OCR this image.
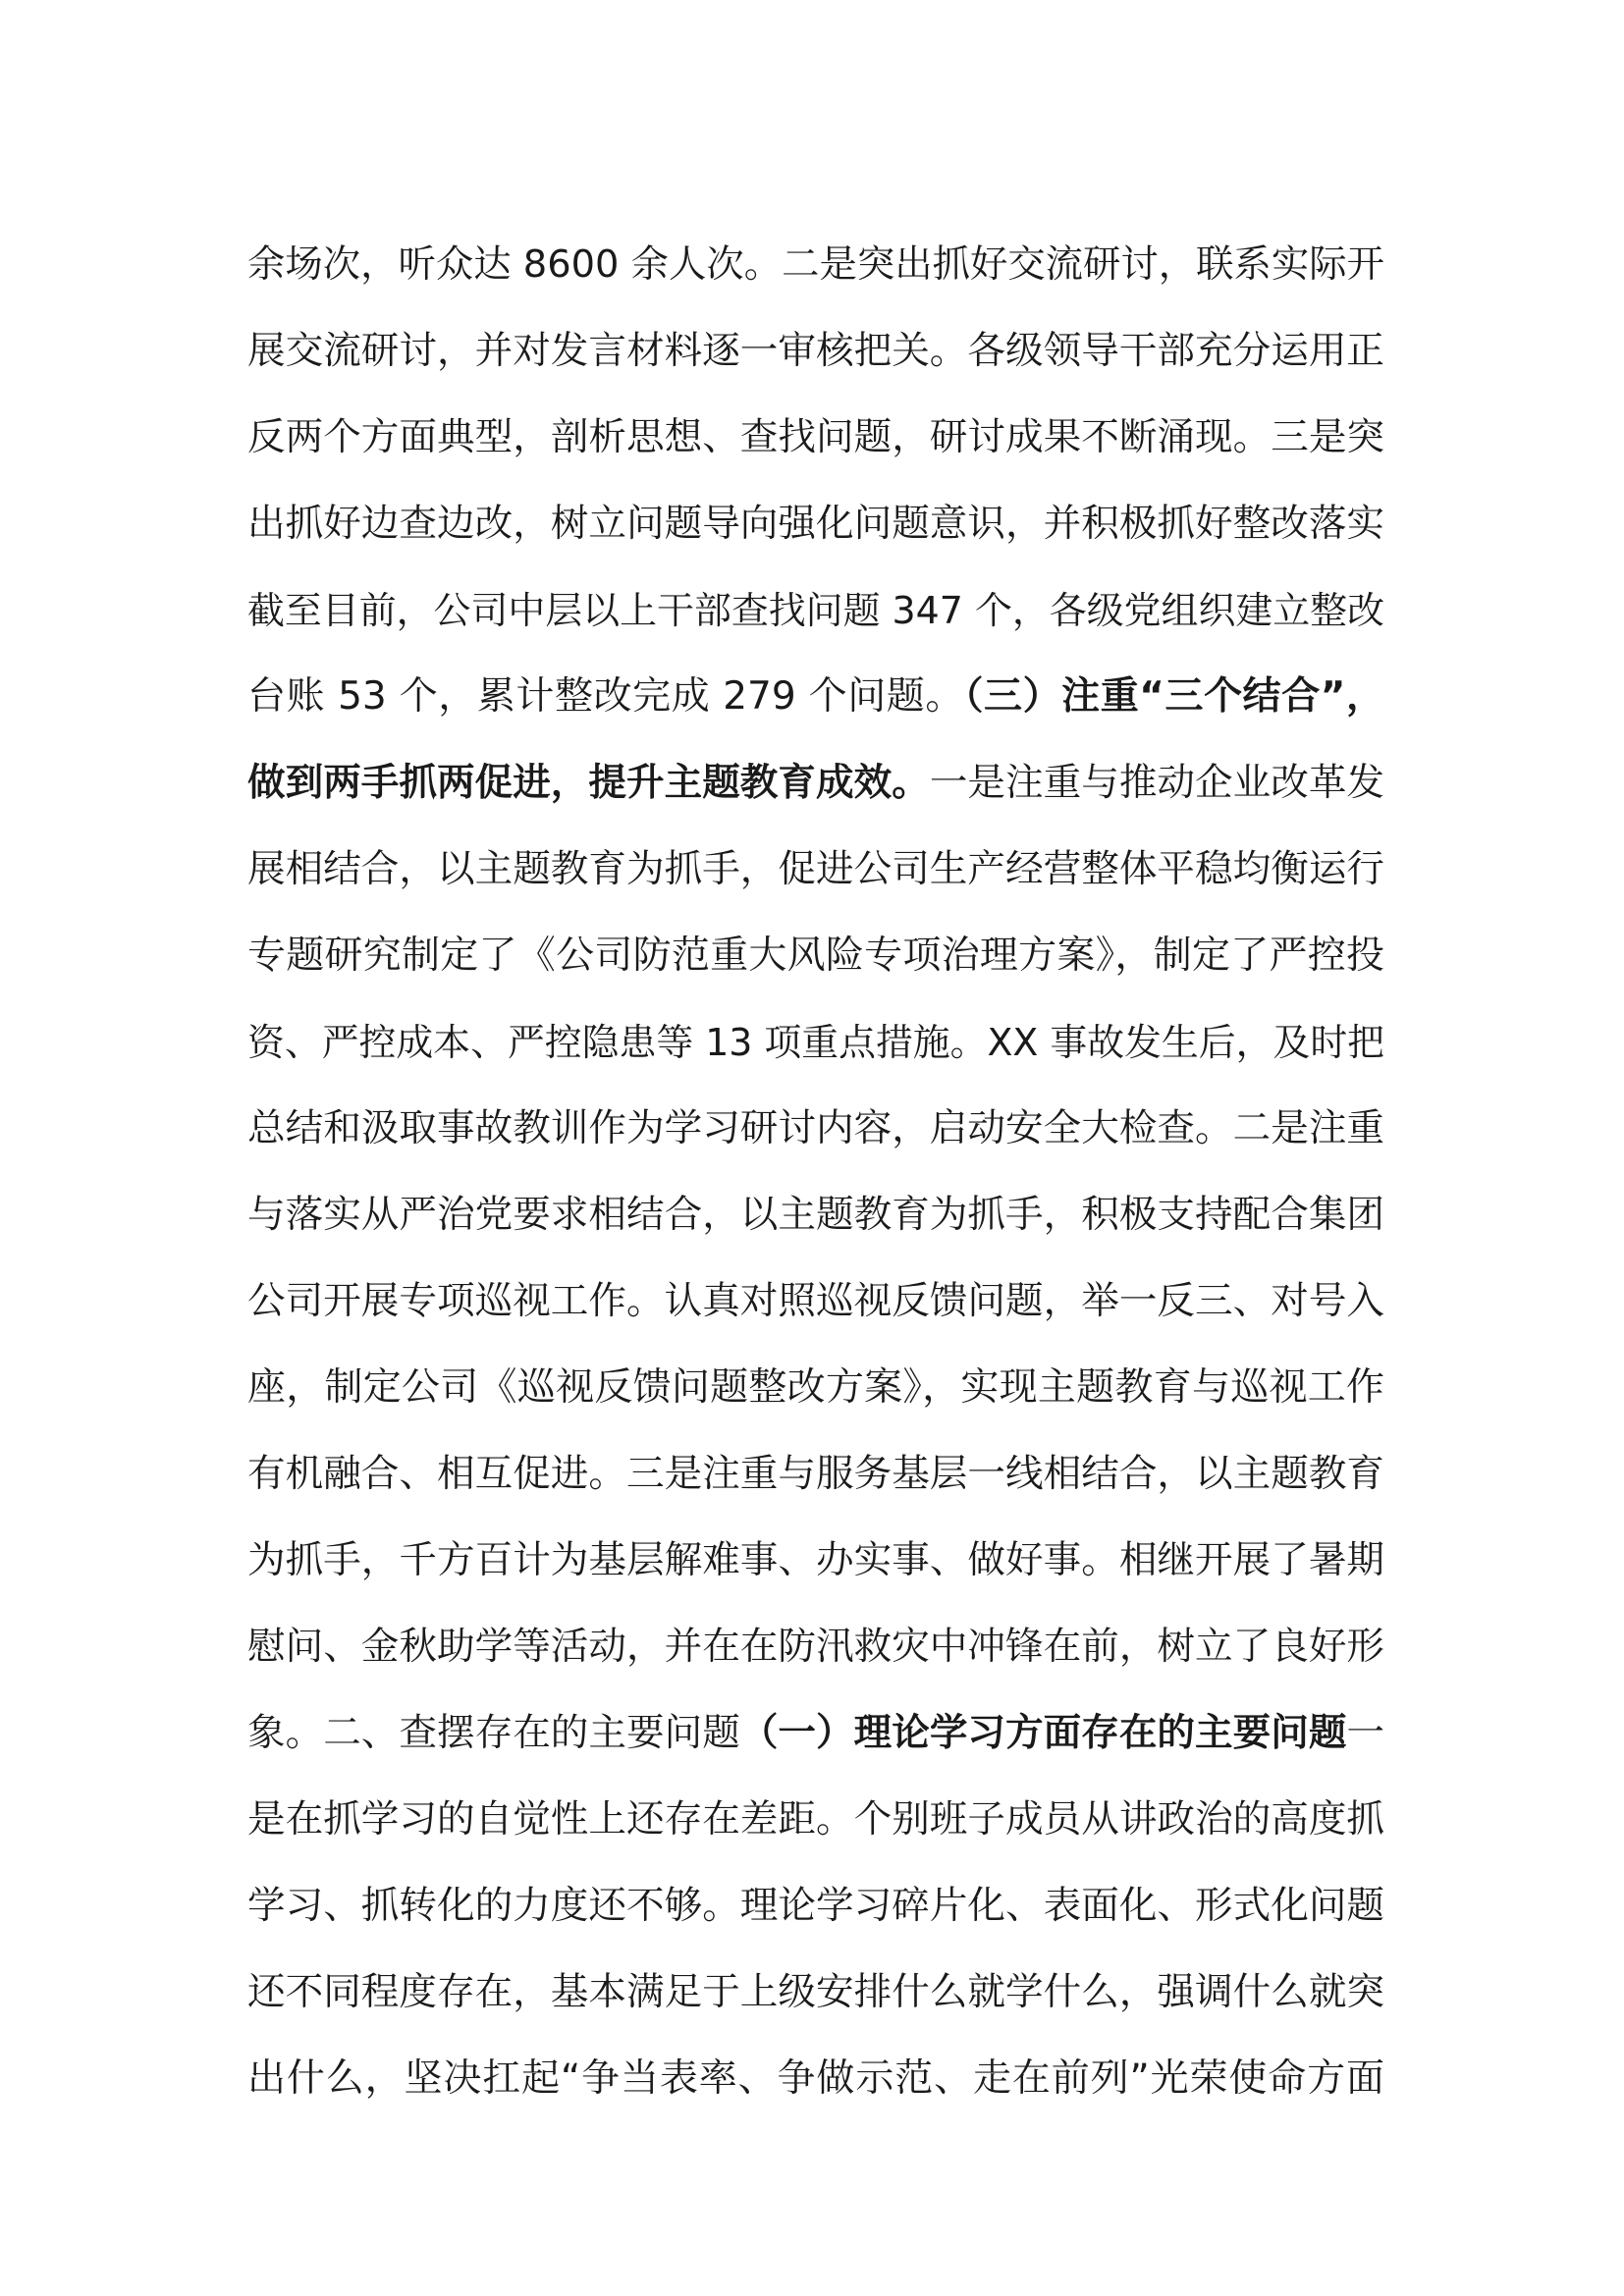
余场次，听众达 8600 余人次。二是突出抓好交流研讨，联系实际开
展交流研讨，并对发言材料逐一审核把关。各级领导干部充分运用正
反两个方面典型，剖析思想、查找问题，研讨成果不断涌现。三是突
出抓好边查边改，树立问题导向强化问题意识，并积极抓好整改落实
截至目前，公司中层以上干部查找问题 347 个，各级党组织建立整改
台账 53 个，累计整改完成 279 个问题。（三）注重“三个结合”，
做到两手抓两促进，提升主题教育成效。一是注重与推动企业改革发
展相结合，以主题教育为抓手，促进公司生产经营整体平稳均衡运行
专题研究制定了《公司防范重大风险专项治理方案》，制定了严控投
资、严控成本、严控隐患等 13 项重点措施。XX 事故发生后，及时把
总结和汲取事故教训作为学习研讨内容，启动安全大检查。二是注重
与落实从严治党要求相结合，以主题教育为抓手，积极支持配合集团
公司开展专项巡视工作。认真对照巡视反馈问题，举一反三、对号入
座，制定公司《巡视反馈问题整改方案》，实现主题教育与巡视工作
有机融合、相互促进。三是注重与服务基层一线相结合，以主题教育
为抓手，千方百计为基层解难事、办实事、做好事。相继开展了暑期
慰问、金秋助学等活动，并在在防汛救灾中冲锋在前，树立了良好形
象。二、查摆存在的主要问题（一）理论学习方面存在的主要问题一
是在抓学习的自觉性上还存在差距。个别班子成员从讲政治的高度抓
学习、抓转化的力度还不够。理论学习碎片化、表面化、形式化问题
还不同程度存在，基本满足于上级安排什么就学什么，强调什么就突
出什么，坚决扛起“争当表率、争做示范、走在前列”光荣使命方面
